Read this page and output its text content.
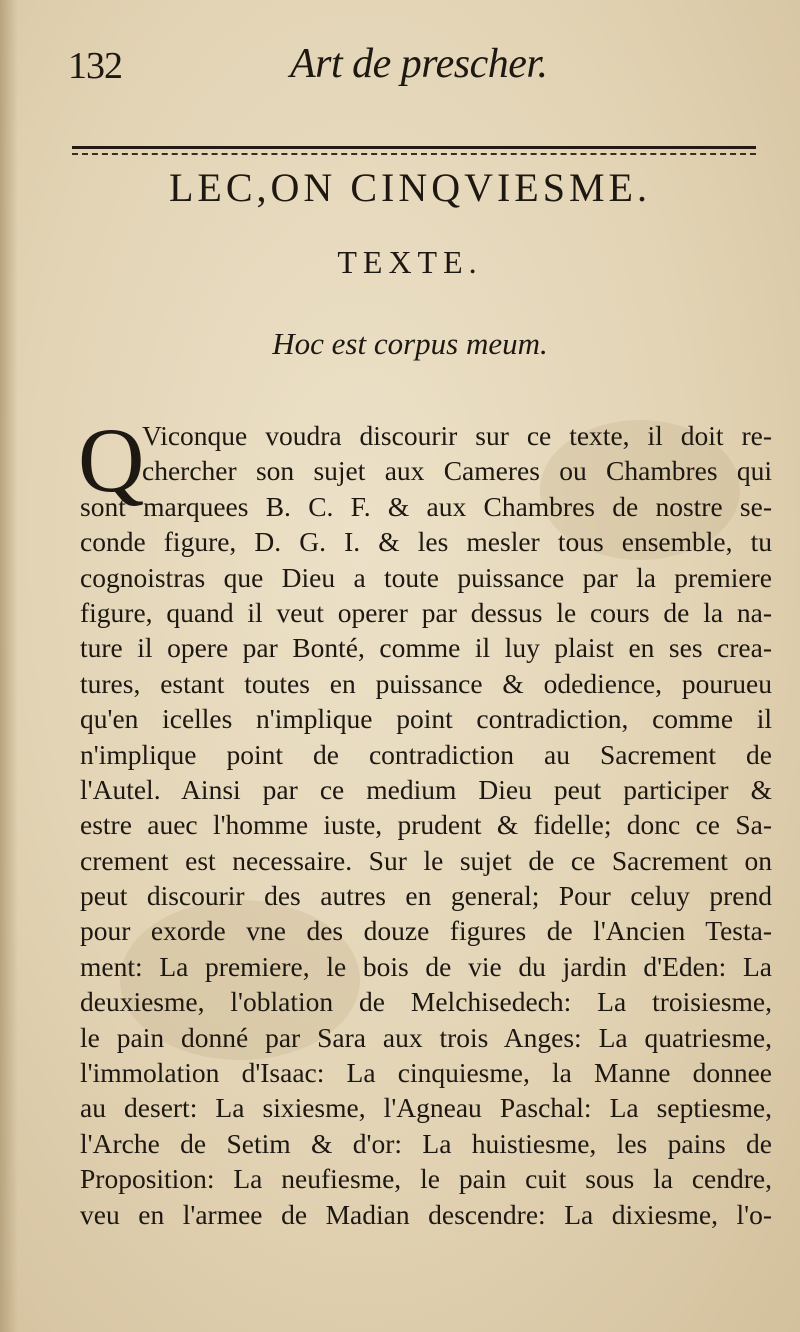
132	Art de prescher.
LEC,ON CINQVIESME.
TEXTE.
Hoc est corpus meum.
Q
Viconque voudra discourir sur ce texte, il doit re-
chercher son sujet aux Cameres ou Chambres qui
sont marquees B. C. F. & aux Chambres de nostre se-
conde figure, D. G. I. & les mesler tous ensemble, tu
cognoistras que Dieu a toute puissance par la premiere
figure, quand il veut operer par dessus le cours de la na-
ture il opere par Bonté, comme il luy plaist en ses crea-
tures, estant toutes en puissance & odedience, pourueu
qu'en icelles n'implique point contradiction, comme il
n'implique point de contradiction au Sacrement de
l'Autel. Ainsi par ce medium Dieu peut participer &
estre auec l'homme iuste, prudent & fidelle; donc ce Sa-
crement est necessaire. Sur le sujet de ce Sacrement on
peut discourir des autres en general; Pour celuy prend
pour exorde vne des douze figures de l'Ancien Testa-
ment: La premiere, le bois de vie du jardin d'Eden: La
deuxiesme, l'oblation de Melchisedech: La troisiesme,
le pain donné par Sara aux trois Anges: La quatriesme,
l'immolation d'Isaac: La cinquiesme, la Manne donnee
au desert: La sixiesme, l'Agneau Paschal: La septiesme,
l'Arche de Setim & d'or: La huistiesme, les pains de
Proposition: La neufiesme, le pain cuit sous la cendre,
veu en l'armee de Madian descendre: La dixiesme, l'o-
